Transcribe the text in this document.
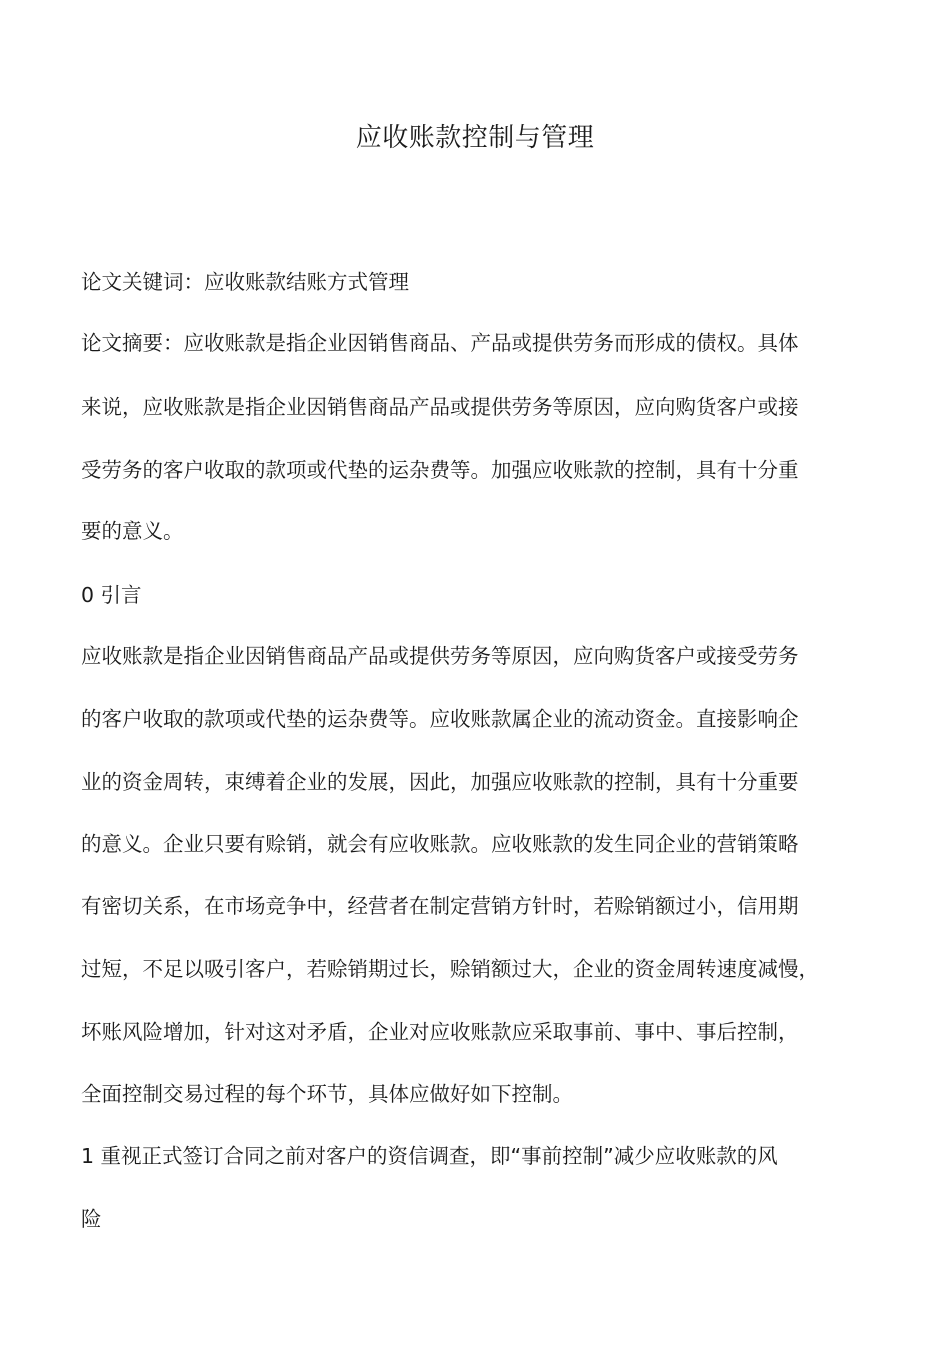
应收账款控制与管理

论文关键词：应收账款结账方式管理

论文摘要：应收账款是指企业因销售商品、产品或提供劳务而形成的债权。具体

来说，应收账款是指企业因销售商品产品或提供劳务等原因，应向购货客户或接

受劳务的客户收取的款项或代垫的运杂费等。加强应收账款的控制，具有十分重

要的意义。

0 引言

应收账款是指企业因销售商品产品或提供劳务等原因，应向购货客户或接受劳务

的客户收取的款项或代垫的运杂费等。应收账款属企业的流动资金。直接影响企

业的资金周转，束缚着企业的发展，因此，加强应收账款的控制，具有十分重要

的意义。企业只要有赊销，就会有应收账款。应收账款的发生同企业的营销策略

有密切关系，在市场竞争中，经营者在制定营销方针时，若赊销额过小，信用期

过短，不足以吸引客户，若赊销期过长，赊销额过大，企业的资金周转速度减慢，

坏账风险增加，针对这对矛盾，企业对应收账款应采取事前、事中、事后控制，

全面控制交易过程的每个环节，具体应做好如下控制。

1 重视正式签订合同之前对客户的资信调查，即“事前控制”减少应收账款的风

险
